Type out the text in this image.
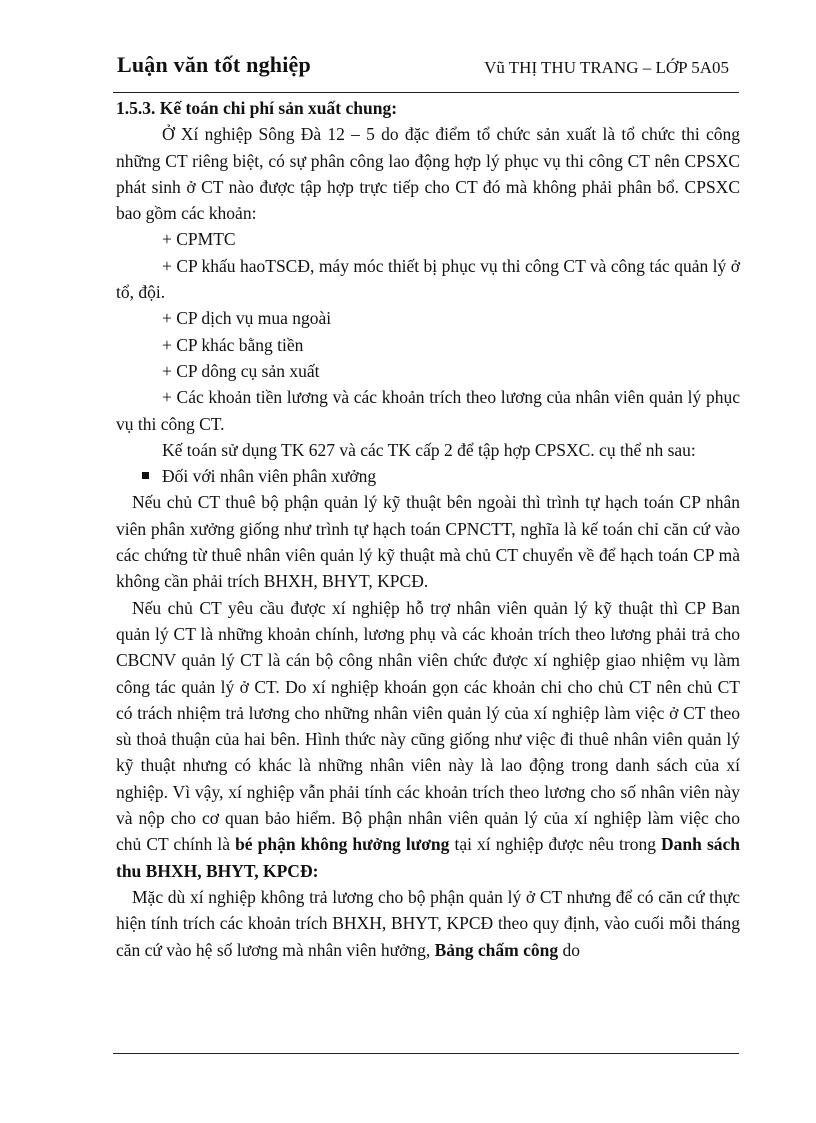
Luận văn tốt nghiệp	Vũ THỊ THU TRANG – LỚP 5A05

1.5.3. Kế toán chi phí sản xuất chung:

Ở Xí nghiệp Sông Đà 12 – 5 do đặc điểm tổ chức sản xuất là tổ chức thi công những CT riêng biệt, có sự phân công lao động hợp lý phục vụ thi công CT nên CPSXC phát sinh ở CT nào được tập hợp trực tiếp cho CT đó mà không phải phân bổ. CPSXC bao gồm các khoản:

+ CPMTC

+ CP khấu haoTSCĐ, máy móc thiết bị phục vụ thi công CT và công tác quản lý ở tổ, đội.

+ CP dịch vụ mua ngoài

+ CP khác bằng tiền

+ CP dông cụ sản xuất

+ Các khoản tiền lương và các khoản trích theo lương của nhân viên quản lý phục vụ thi công CT.

Kế toán sử dụng TK 627 và các TK cấp 2 để tập hợp CPSXC. cụ thể nh sau:

Đối với nhân viên phân xưởng

Nếu chủ CT thuê bộ phận quản lý kỹ thuật bên ngoài thì trình tự hạch toán CP nhân viên phân xưởng giống như trình tự hạch toán CPNCTT, nghĩa là kế toán chỉ căn cứ vào các chứng từ thuê nhân viên quản lý kỹ thuật mà chủ CT chuyển về để hạch toán CP mà không cần phải trích BHXH, BHYT, KPCĐ.

Nếu chủ CT yêu cầu được xí nghiệp hỗ trợ nhân viên quản lý kỹ thuật thì CP Ban quản lý CT là những khoản chính, lương phụ và các khoản trích theo lương phải trả cho CBCNV quản lý CT là cán bộ công nhân viên chức được xí nghiệp giao nhiệm vụ làm công tác quản lý ở CT. Do xí nghiệp khoán gọn các khoản chi cho chủ CT nên chủ CT có trách nhiệm trả lương cho những nhân viên quản lý của xí nghiệp làm việc ở CT theo sù thoả thuận của hai bên. Hình thức này cũng giống như việc đi thuê nhân viên quản lý kỹ thuật nhưng có khác là những nhân viên này là lao động trong danh sách của xí nghiệp. Vì vậy, xí nghiệp vẫn phải tính các khoản trích theo lương cho số nhân viên này và nộp cho cơ quan bảo hiểm. Bộ phận nhân viên quản lý của xí nghiệp làm việc cho chủ CT chính là bé phận không hưởng lương tại xí nghiệp được nêu trong Danh sách thu BHXH, BHYT, KPCĐ:

Mặc dù xí nghiệp không trả lương cho bộ phận quản lý ở CT nhưng để có căn cứ thực hiện tính trích các khoản trích BHXH, BHYT, KPCĐ theo quy định, vào cuối mỗi tháng căn cứ vào hệ số lương mà nhân viên hưởng, Bảng chấm công do
